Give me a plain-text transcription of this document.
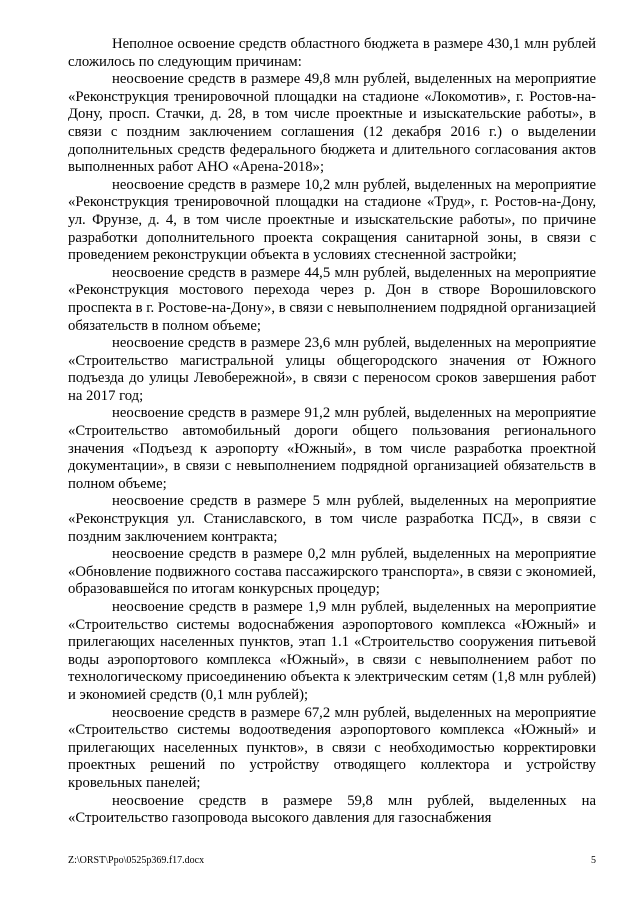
Неполное освоение средств областного бюджета в размере 430,1 млн рублей сложилось по следующим причинам:

неосвоение средств в размере 49,8 млн рублей, выделенных на мероприятие «Реконструкция тренировочной площадки на стадионе «Локомотив», г. Ростов-на-Дону, просп. Стачки, д. 28, в том числе проектные и изыскательские работы», в связи с поздним заключением соглашения (12 декабря 2016 г.) о выделении дополнительных средств федерального бюджета и длительного согласования актов выполненных работ АНО «Арена-2018»;

неосвоение средств в размере 10,2 млн рублей, выделенных на мероприятие «Реконструкция тренировочной площадки на стадионе «Труд», г. Ростов-на-Дону, ул. Фрунзе, д. 4, в том числе проектные и изыскательские работы», по причине разработки дополнительного проекта сокращения санитарной зоны, в связи с проведением реконструкции объекта в условиях стесненной застройки;

неосвоение средств в размере 44,5 млн рублей, выделенных на мероприятие «Реконструкция мостового перехода через р. Дон в створе Ворошиловского проспекта в г. Ростове-на-Дону», в связи с невыполнением подрядной организацией обязательств в полном объеме;

неосвоение средств в размере 23,6 млн рублей, выделенных на мероприятие «Строительство магистральной улицы общегородского значения от Южного подъезда до улицы Левобережной», в связи с переносом сроков завершения работ на 2017 год;

неосвоение средств в размере 91,2 млн рублей, выделенных на мероприятие «Строительство автомобильный дороги общего пользования регионального значения «Подъезд к аэропорту «Южный», в том числе разработка проектной документации», в связи с невыполнением подрядной организацией обязательств в полном объеме;

неосвоение средств в размере 5 млн рублей, выделенных на мероприятие «Реконструкция ул. Станиславского, в том числе разработка ПСД», в связи с поздним заключением контракта;

неосвоение средств в размере 0,2 млн рублей, выделенных на мероприятие «Обновление подвижного состава пассажирского транспорта», в связи с экономией, образовавшейся по итогам конкурсных процедур;

неосвоение средств в размере 1,9 млн рублей, выделенных на мероприятие «Строительство системы водоснабжения аэропортового комплекса «Южный» и прилегающих населенных пунктов, этап 1.1 «Строительство сооружения питьевой воды аэропортового комплекса «Южный», в связи с невыполнением работ по технологическому присоединению объекта к электрическим сетям (1,8 млн рублей) и экономией средств (0,1 млн рублей);

неосвоение средств в размере 67,2 млн рублей, выделенных на мероприятие «Строительство системы водоотведения аэропортового комплекса «Южный» и прилегающих населенных пунктов», в связи с необходимостью корректировки проектных решений по устройству отводящего коллектора и устройству кровельных панелей;

неосвоение средств в размере 59,8 млн рублей, выделенных на «Строительство газопровода высокого давления для газоснабжения

Z:\ORST\Ppo\0525p369.f17.docx	5
